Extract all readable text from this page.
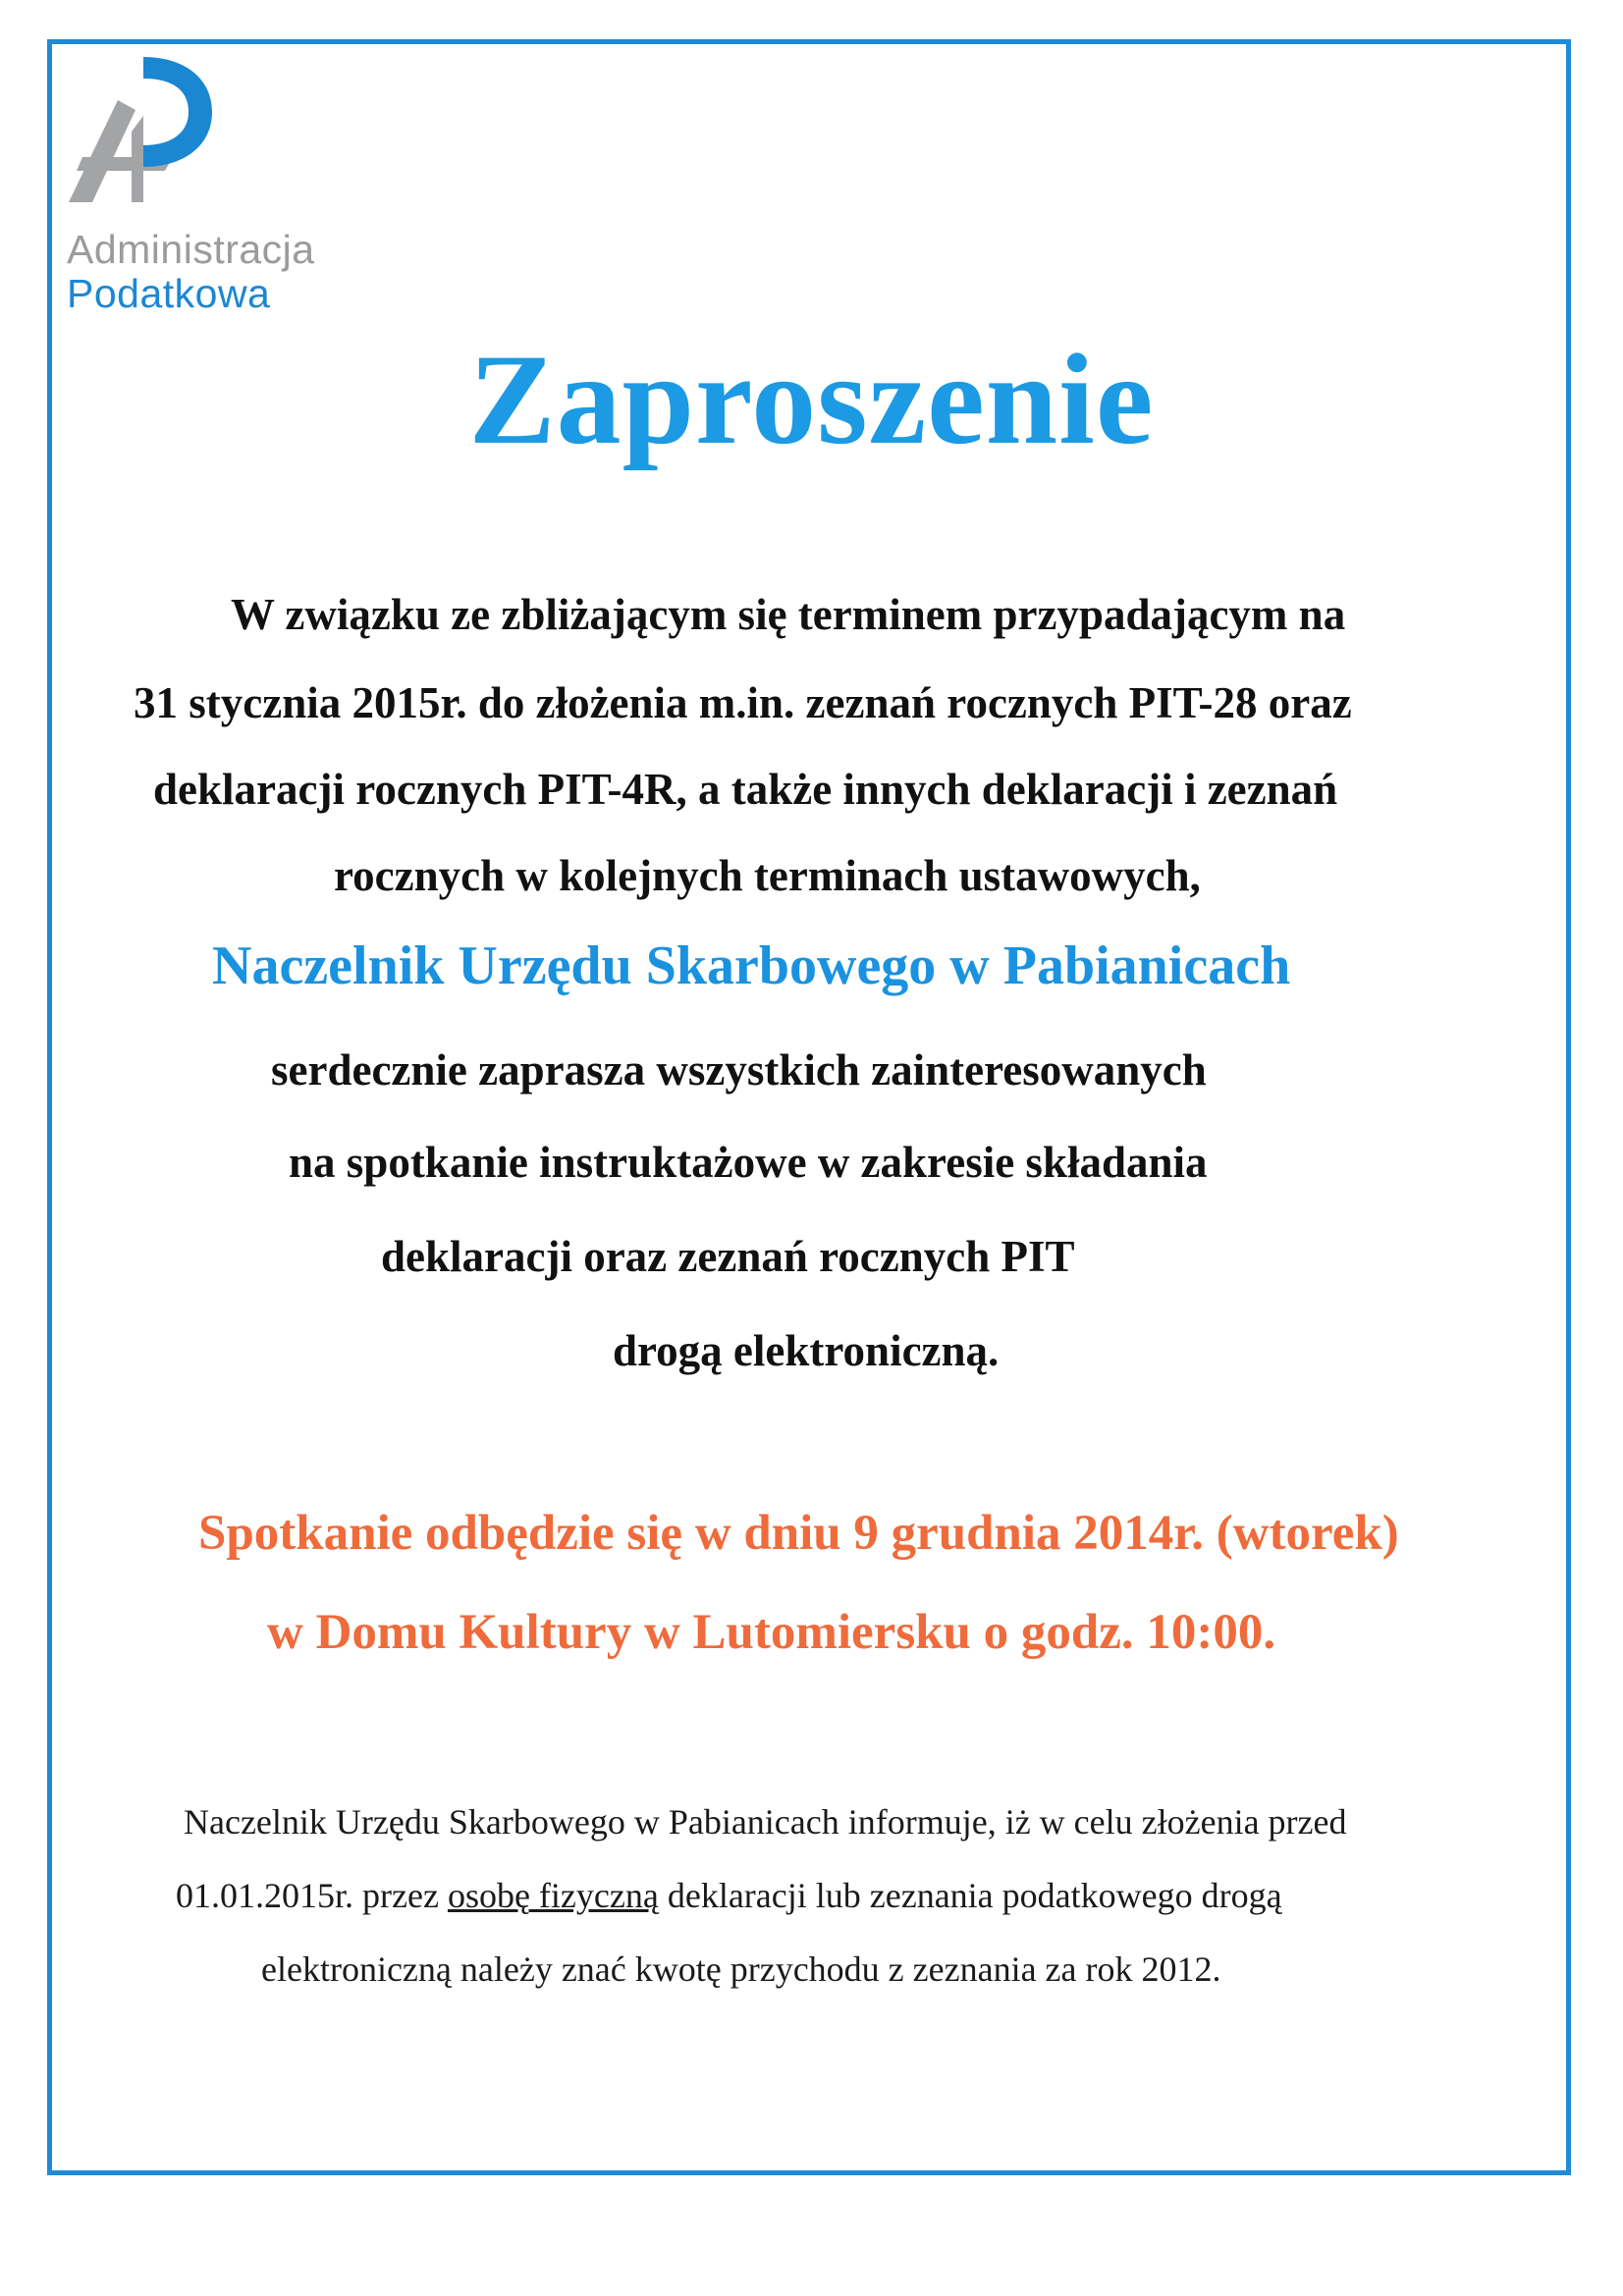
Administracja
Podatkowa
Zaproszenie
W związku ze zbliżającym się terminem przypadającym na
31 stycznia 2015r. do złożenia m.in. zeznań rocznych PIT-28 oraz
deklaracji rocznych PIT-4R, a także innych deklaracji i zeznań
rocznych w kolejnych terminach ustawowych,
Naczelnik Urzędu Skarbowego w Pabianicach
serdecznie zaprasza wszystkich zainteresowanych
na spotkanie instruktażowe w zakresie składania
deklaracji oraz zeznań rocznych PIT
drogą elektroniczną.
Spotkanie odbędzie się w dniu 9 grudnia 2014r. (wtorek)
w Domu Kultury w Lutomiersku o godz. 10:00.
Naczelnik Urzędu Skarbowego w Pabianicach informuje, iż w celu złożenia przed
01.01.2015r. przez osobę fizyczną deklaracji lub zeznania podatkowego drogą
elektroniczną należy znać kwotę przychodu z zeznania za rok 2012.
